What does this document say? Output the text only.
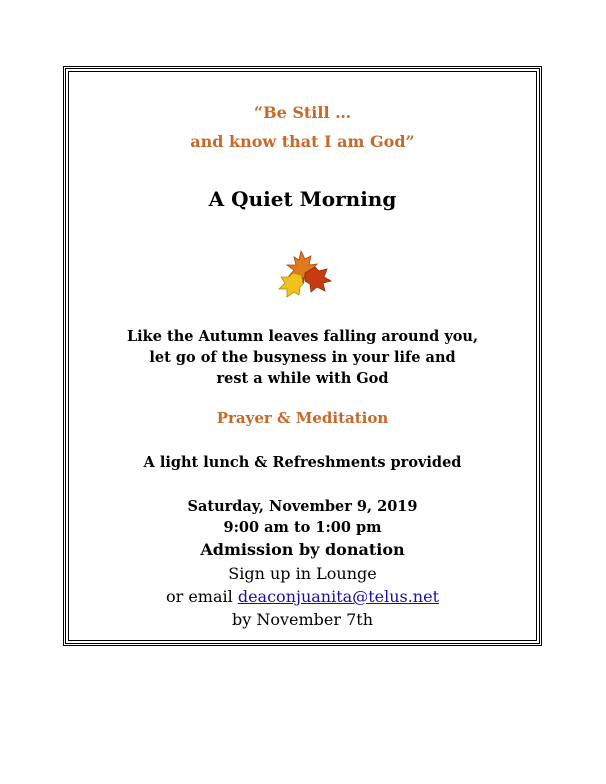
“Be Still …
and know that I am God”
A Quiet Morning
Like the Autumn leaves falling around you,
let go of the busyness in your life and
rest a while with God
Prayer & Meditation
A light lunch & Refreshments provided
Saturday, November 9, 2019
9:00 am to 1:00 pm
Admission by donation
Sign up in Lounge
or email deaconjuanita@telus.net
by November 7th
